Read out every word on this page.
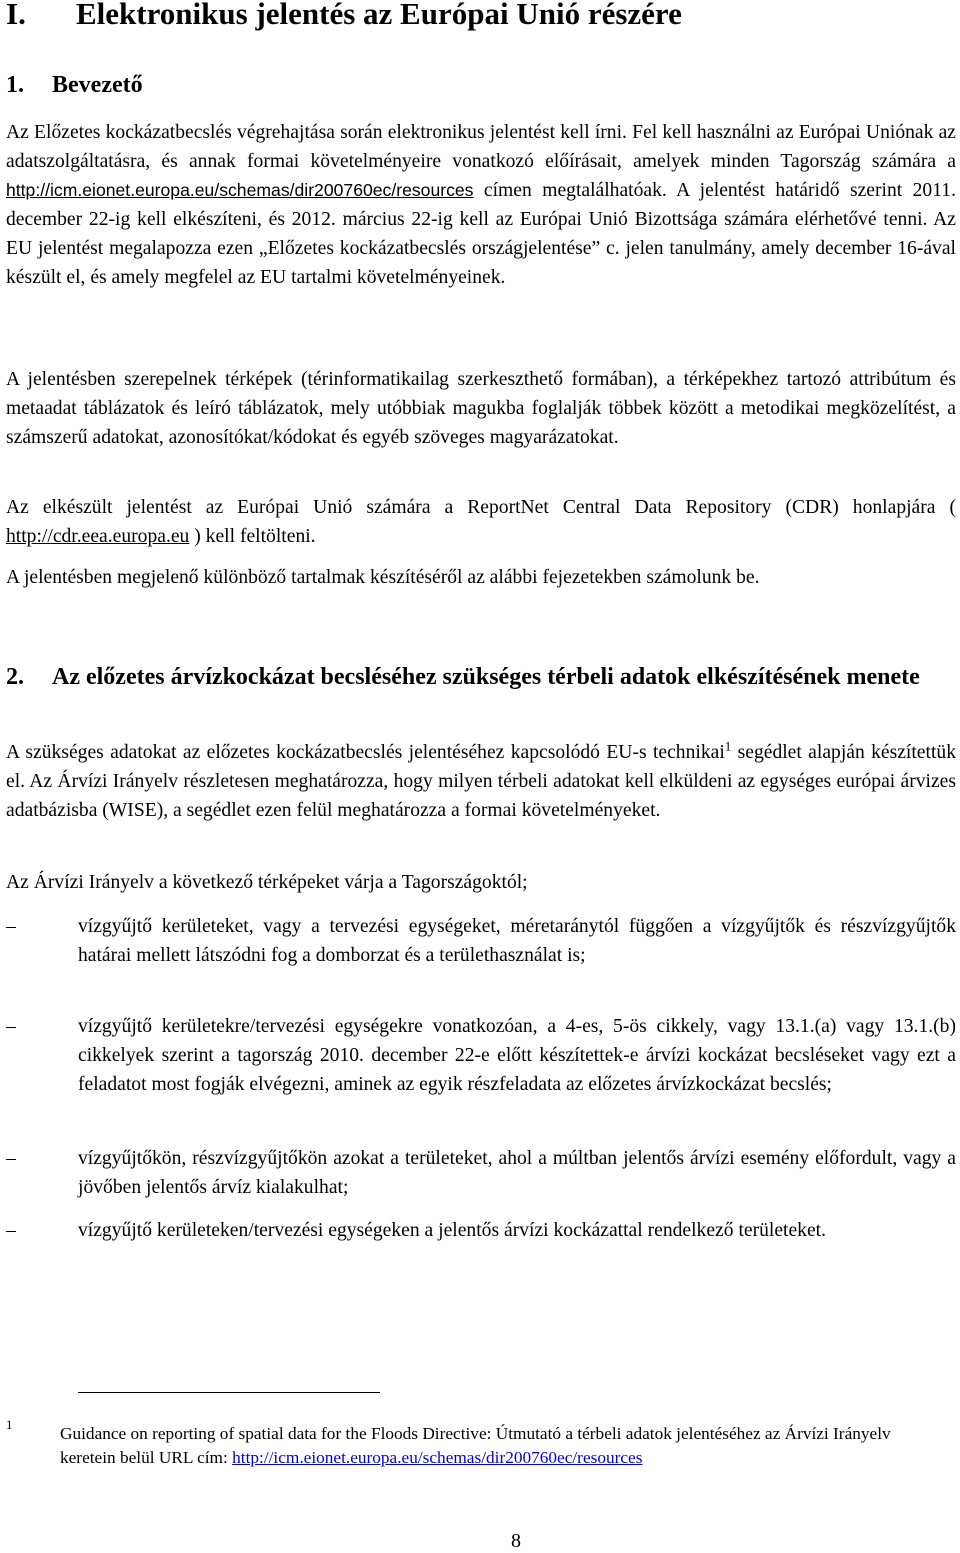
I. Elektronikus jelentés az Európai Unió részére
1. Bevezető

Az Előzetes kockázatbecslés végrehajtása során elektronikus jelentést kell írni. Fel kell használni az Európai Uniónak az adatszolgáltatásra, és annak formai követelményeire vonatkozó előírásait, amelyek minden Tagország számára a http://icm.eionet.europa.eu/schemas/dir200760ec/resources címen megtalálhatóak. A jelentést határidő szerint 2011. december 22-ig kell elkészíteni, és 2012. március 22-ig kell az Európai Unió Bizottsága számára elérhetővé tenni. Az EU jelentést megalapozza ezen „Előzetes kockázatbecslés országjelentése” c. jelen tanulmány, amely december 16-ával készült el, és amely megfelel az EU tartalmi követelményeinek.

A jelentésben szerepelnek térképek (térinformatikailag szerkeszthető formában), a térképekhez tartozó attribútum és metaadat táblázatok és leíró táblázatok, mely utóbbiak magukba foglalják többek között a metodikai megközelítést, a számszerű adatokat, azonosítókat/kódokat és egyéb szöveges magyarázatokat.

Az elkészült jelentést az Európai Unió számára a ReportNet Central Data Repository (CDR) honlapjára ( http://cdr.eea.europa.eu ) kell feltölteni.

A jelentésben megjelenő különböző tartalmak készítéséről az alábbi fejezetekben számolunk be.

2. Az előzetes árvízkockázat becsléséhez szükséges térbeli adatok elkészítésének menete

A szükséges adatokat az előzetes kockázatbecslés jelentéséhez kapcsolódó EU-s technikai$^1$ segédlet alapján készítettük el. Az Árvízi Irányelv részletesen meghatározza, hogy milyen térbeli adatokat kell elküldeni az egységes európai árvizes adatbázisba (WISE), a segédlet ezen felül meghatározza a formai követelményeket.

Az Árvízi Irányelv a következő térképeket várja a Tagországoktól;

–	vízgyűjtő kerületeket, vagy a tervezési egységeket, méretaránytól függően a vízgyűjtők és részvízgyűjtők határai mellett látszódni fog a domborzat és a területhasználat is;
–	vízgyűjtő kerületekre/tervezési egységekre vonatkozóan, a 4-es, 5-ös cikkely, vagy 13.1.(a) vagy 13.1.(b) cikkelyek szerint a tagország 2010. december 22-e előtt készítettek-e árvízi kockázat becsléseket vagy ezt a feladatot most fogják elvégezni, aminek az egyik részfeladata az előzetes árvízkockázat becslés;
–	vízgyűjtőkön, részvízgyűjtőkön azokat a területeket, ahol a múltban jelentős árvízi esemény előfordult, vagy a jövőben jelentős árvíz kialakulhat;
–	vízgyűjtő kerületeken/tervezési egységeken a jelentős árvízi kockázattal rendelkező területeket.
1	Guidance on reporting of spatial data for the Floods Directive: Útmutató a térbeli adatok jelentéséhez az Árvízi Irányelv keretein belül URL cím: http://icm.eionet.europa.eu/schemas/dir200760ec/resources
8
